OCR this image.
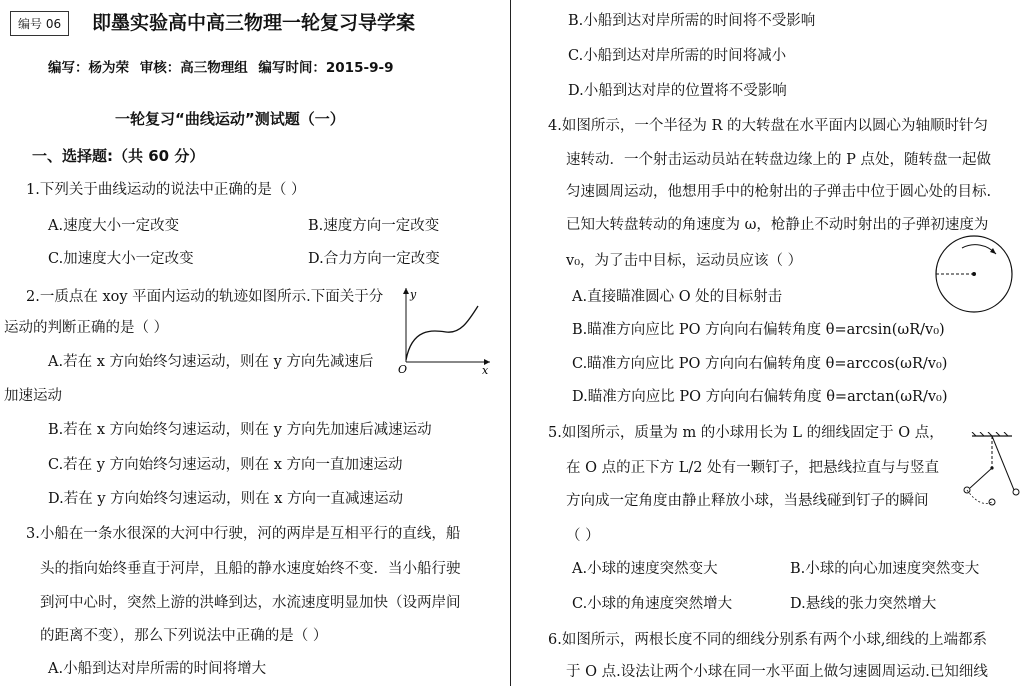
编号 06	即墨实验高中高三物理一轮复习导学案
编写：杨为荣 审核：高三物理组 编写时间：2015-9-9
一轮复习“曲线运动”测试题（一）
一、选择题:（共 60 分）
1.下列关于曲线运动的说法中正确的是（ ）
A.速度大小一定改变	B.速度方向一定改变
C.加速度大小一定改变	D.合力方向一定改变
2.一质点在 xoy 平面内运动的轨迹如图所示.下面关于分
运动的判断正确的是（ ）
A.若在 x 方向始终匀速运动，则在 y 方向先减速后
加速运动
B.若在 x 方向始终匀速运动，则在 y 方向先加速后减速运动
C.若在 y 方向始终匀速运动，则在 x 方向一直加速运动
D.若在 y 方向始终匀速运动，则在 x 方向一直减速运动
y
x
O
3.小船在一条水很深的大河中行驶，河的两岸是互相平行的直线，船
头的指向始终垂直于河岸，且船的静水速度始终不变．当小船行驶
到河中心时，突然上游的洪峰到达，水流速度明显加快（设两岸间
的距离不变），那么下列说法中正确的是（ ）
A.小船到达对岸所需的时间将增大
B.小船到达对岸所需的时间将不受影响
C.小船到达对岸所需的时间将减小
D.小船到达对岸的位置将不受影响
4.如图所示，一个半径为 R 的大转盘在水平面内以圆心为轴顺时针匀
速转动．一个射击运动员站在转盘边缘上的 P 点处，随转盘一起做
匀速圆周运动，他想用手中的枪射出的子弹击中位于圆心处的目标.
已知大转盘转动的角速度为 ω，枪静止不动时射出的子弹初速度为
v₀，为了击中目标，运动员应该（ ）
A.直接瞄准圆心 O 处的目标射击
B.瞄准方向应比 PO 方向向右偏转角度 θ=arcsin(ωR/v₀)
C.瞄准方向应比 PO 方向向右偏转角度 θ=arccos(ωR/v₀)
D.瞄准方向应比 PO 方向向右偏转角度 θ=arctan(ωR/v₀)
5.如图所示，质量为 m 的小球用长为 L 的细线固定于 O 点，
在 O 点的正下方 L/2 处有一颗钉子，把悬线拉直与与竖直
方向成一定角度由静止释放小球，当悬线碰到钉子的瞬间
（ ）
A.小球的速度突然变大	B.小球的向心加速度突然变大
C.小球的角速度突然增大	D.悬线的张力突然增大
6.如图所示，两根长度不同的细线分别系有两个小球,细线的上端都系
于 O 点.设法让两个小球在同一水平面上做匀速圆周运动.已知细线
